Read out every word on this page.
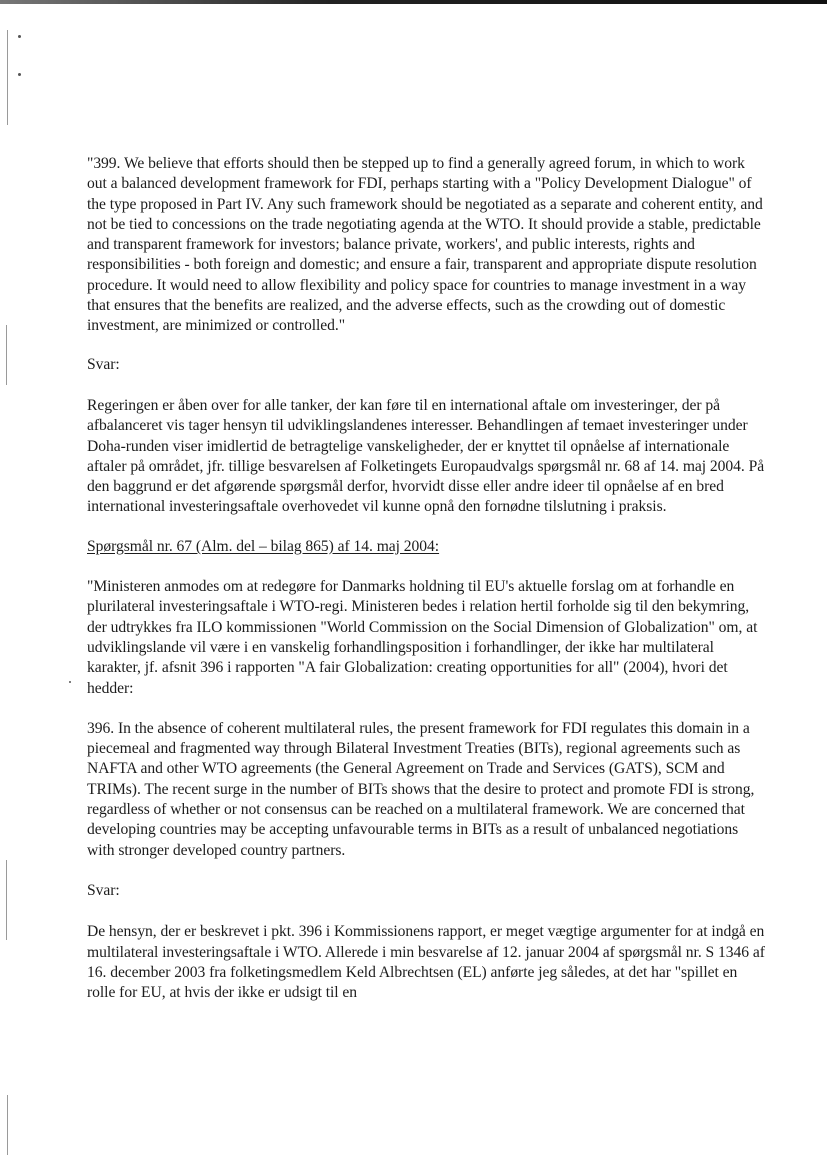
"399. We believe that efforts should then be stepped up to find a generally agreed forum, in which to work out a balanced development framework for FDI, perhaps starting with a "Policy Development Dialogue" of the type proposed in Part IV. Any such framework should be negotiated as a separate and coherent entity, and not be tied to concessions on the trade negotiating agenda at the WTO. It should provide a stable, predictable and transparent framework for investors; balance private, workers', and public interests, rights and responsibilities - both foreign and domestic; and ensure a fair, transparent and appropriate dispute resolution procedure. It would need to allow flexibility and policy space for countries to manage investment in a way that ensures that the benefits are realized, and the adverse effects, such as the crowding out of domestic investment, are minimized or controlled."

Svar:

Regeringen er åben over for alle tanker, der kan føre til en international aftale om investeringer, der på afbalanceret vis tager hensyn til udviklingslandenes interesser. Behandlingen af temaet investeringer under Doha-runden viser imidlertid de betragtelige vanskeligheder, der er knyttet til opnåelse af internationale aftaler på området, jfr. tillige besvarelsen af Folketingets Europaudvalgs spørgsmål nr. 68 af 14. maj 2004. På den baggrund er det afgørende spørgsmål derfor, hvorvidt disse eller andre ideer til opnåelse af en bred international investeringsaftale overhovedet vil kunne opnå den fornødne tilslutning i praksis.

Spørgsmål nr. 67 (Alm. del – bilag 865) af 14. maj 2004:

"Ministeren anmodes om at redegøre for Danmarks holdning til EU's aktuelle forslag om at forhandle en plurilateral investeringsaftale i WTO-regi. Ministeren bedes i relation hertil forholde sig til den bekymring, der udtrykkes fra ILO kommissionen "World Commission on the Social Dimension of Globalization" om, at udviklingslande vil være i en vanskelig forhandlingsposition i forhandlinger, der ikke har multilateral karakter, jf. afsnit 396 i rapporten "A fair Globalization: creating opportunities for all" (2004), hvori det hedder:

396. In the absence of coherent multilateral rules, the present framework for FDI regulates this domain in a piecemeal and fragmented way through Bilateral Investment Treaties (BITs), regional agreements such as NAFTA and other WTO agreements (the General Agreement on Trade and Services (GATS), SCM and TRIMs). The recent surge in the number of BITs shows that the desire to protect and promote FDI is strong, regardless of whether or not consensus can be reached on a multilateral framework. We are concerned that developing countries may be accepting unfavourable terms in BITs as a result of unbalanced negotiations with stronger developed country partners.

Svar:

De hensyn, der er beskrevet i pkt. 396 i Kommissionens rapport, er meget vægtige argumenter for at indgå en multilateral investeringsaftale i WTO. Allerede i min besvarelse af 12. januar 2004 af spørgsmål nr. S 1346 af 16. december 2003 fra folketingsmedlem Keld Albrechtsen (EL) anførte jeg således, at det har "spillet en rolle for EU, at hvis der ikke er udsigt til en
